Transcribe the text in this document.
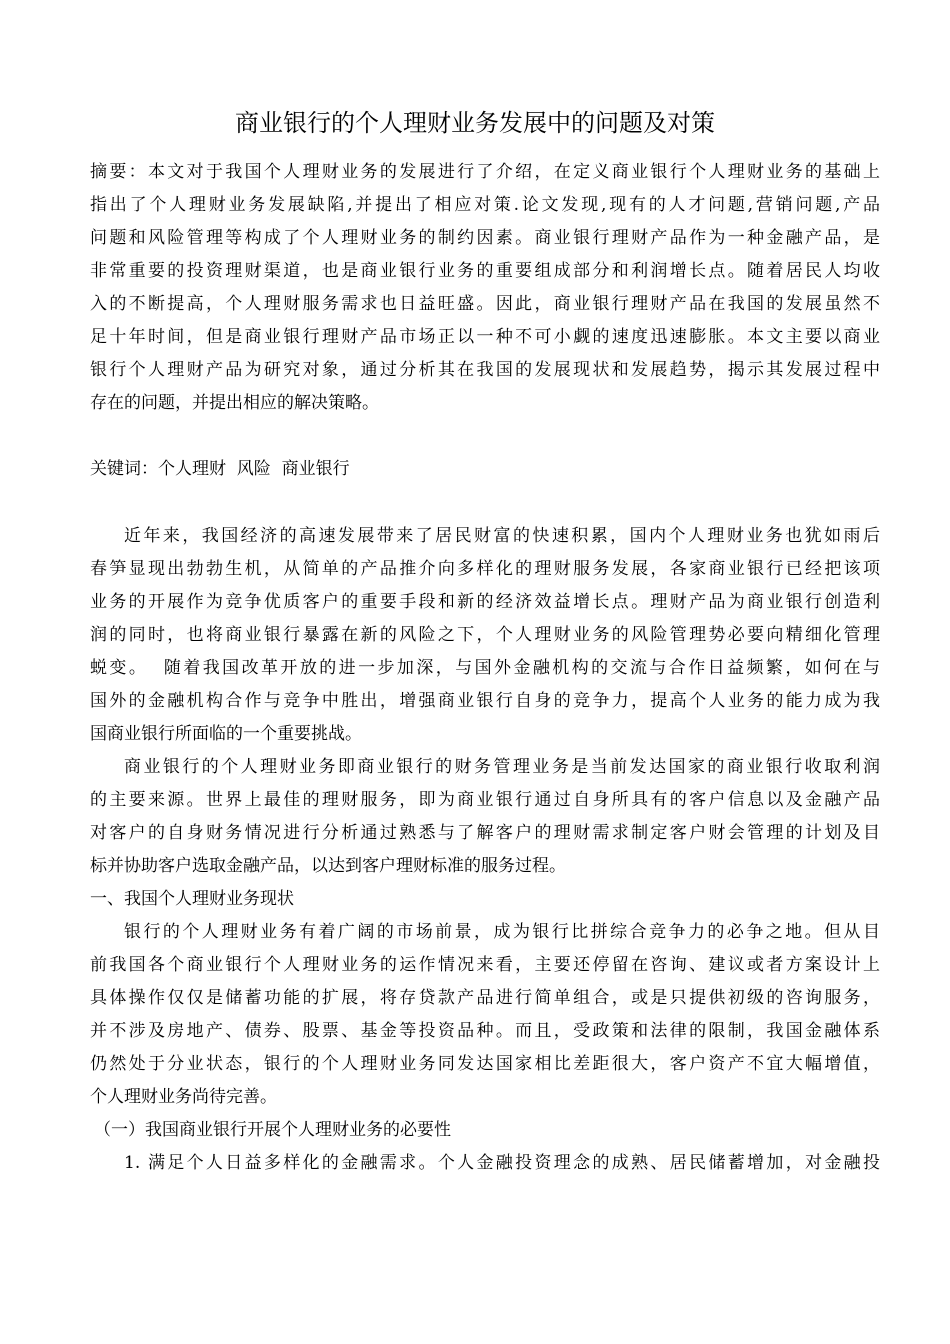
商业银行的个人理财业务发展中的问题及对策

摘要：本文对于我国个人理财业务的发展进行了介绍，在定义商业银行个人理财业务的基础上

指出了个人理财业务发展缺陷,并提出了相应对策.论文发现,现有的人才问题,营销问题,产品

问题和风险管理等构成了个人理财业务的制约因素。商业银行理财产品作为一种金融产品，是

非常重要的投资理财渠道，也是商业银行业务的重要组成部分和利润增长点。随着居民人均收

入的不断提高，个人理财服务需求也日益旺盛。因此，商业银行理财产品在我国的发展虽然不

足十年时间，但是商业银行理财产品市场正以一种不可小觑的速度迅速膨胀。本文主要以商业

银行个人理财产品为研究对象，通过分析其在我国的发展现状和发展趋势，揭示其发展过程中

存在的问题，并提出相应的解决策略。

关键词：个人理财  风险  商业银行

近年来，我国经济的高速发展带来了居民财富的快速积累，国内个人理财业务也犹如雨后

春笋显现出勃勃生机，从简单的产品推介向多样化的理财服务发展，各家商业银行已经把该项

业务的开展作为竞争优质客户的重要手段和新的经济效益增长点。理财产品为商业银行创造利

润的同时，也将商业银行暴露在新的风险之下，个人理财业务的风险管理势必要向精细化管理

蜕变。  随着我国改革开放的进一步加深，与国外金融机构的交流与合作日益频繁，如何在与

国外的金融机构合作与竞争中胜出，增强商业银行自身的竞争力，提高个人业务的能力成为我

国商业银行所面临的一个重要挑战。

商业银行的个人理财业务即商业银行的财务管理业务是当前发达国家的商业银行收取利润

的主要来源。世界上最佳的理财服务，即为商业银行通过自身所具有的客户信息以及金融产品

对客户的自身财务情况进行分析通过熟悉与了解客户的理财需求制定客户财会管理的计划及目

标并协助客户选取金融产品，以达到客户理财标准的服务过程。

一、我国个人理财业务现状

银行的个人理财业务有着广阔的市场前景，成为银行比拼综合竞争力的必争之地。但从目

前我国各个商业银行个人理财业务的运作情况来看，主要还停留在咨询、建议或者方案设计上

具体操作仅仅是储蓄功能的扩展，将存贷款产品进行简单组合，或是只提供初级的咨询服务，

并不涉及房地产、债券、股票、基金等投资品种。而且，受政策和法律的限制，我国金融体系

仍然处于分业状态，银行的个人理财业务同发达国家相比差距很大，客户资产不宜大幅增值，

个人理财业务尚待完善。

（一）我国商业银行开展个人理财业务的必要性

1. 满足个人日益多样化的金融需求。个人金融投资理念的成熟、居民储蓄增加，对金融投
